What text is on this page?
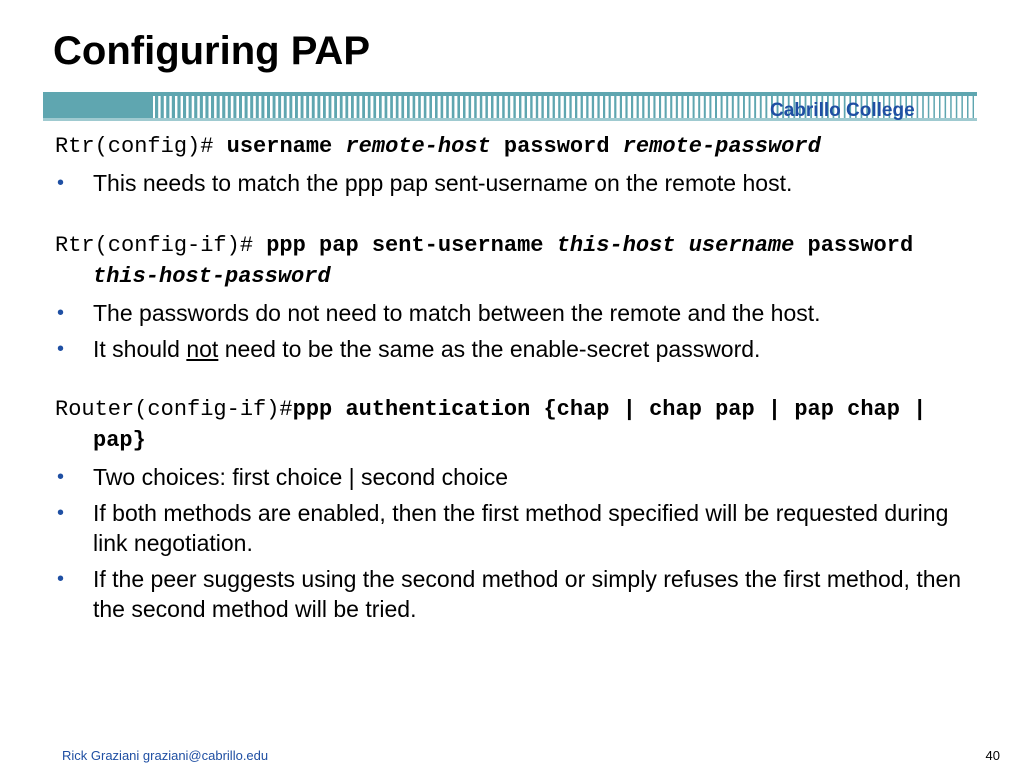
Configuring PAP
Cabrillo College
Rtr(config)# username remote-host password remote-password
• This needs to match the ppp pap sent-username on the remote host.
Rtr(config-if)# ppp pap sent-username this-host username password this-host-password
• The passwords do not need to match between the remote and the host.
• It should not need to be the same as the enable-secret password.
Router(config-if)#ppp authentication {chap | chap pap | pap chap | pap}
• Two choices: first choice | second choice
• If both methods are enabled, then the first method specified will be requested during link negotiation.
• If the peer suggests using the second method or simply refuses the first method, then the second method will be tried.
Rick Graziani graziani@cabrillo.edu	40
